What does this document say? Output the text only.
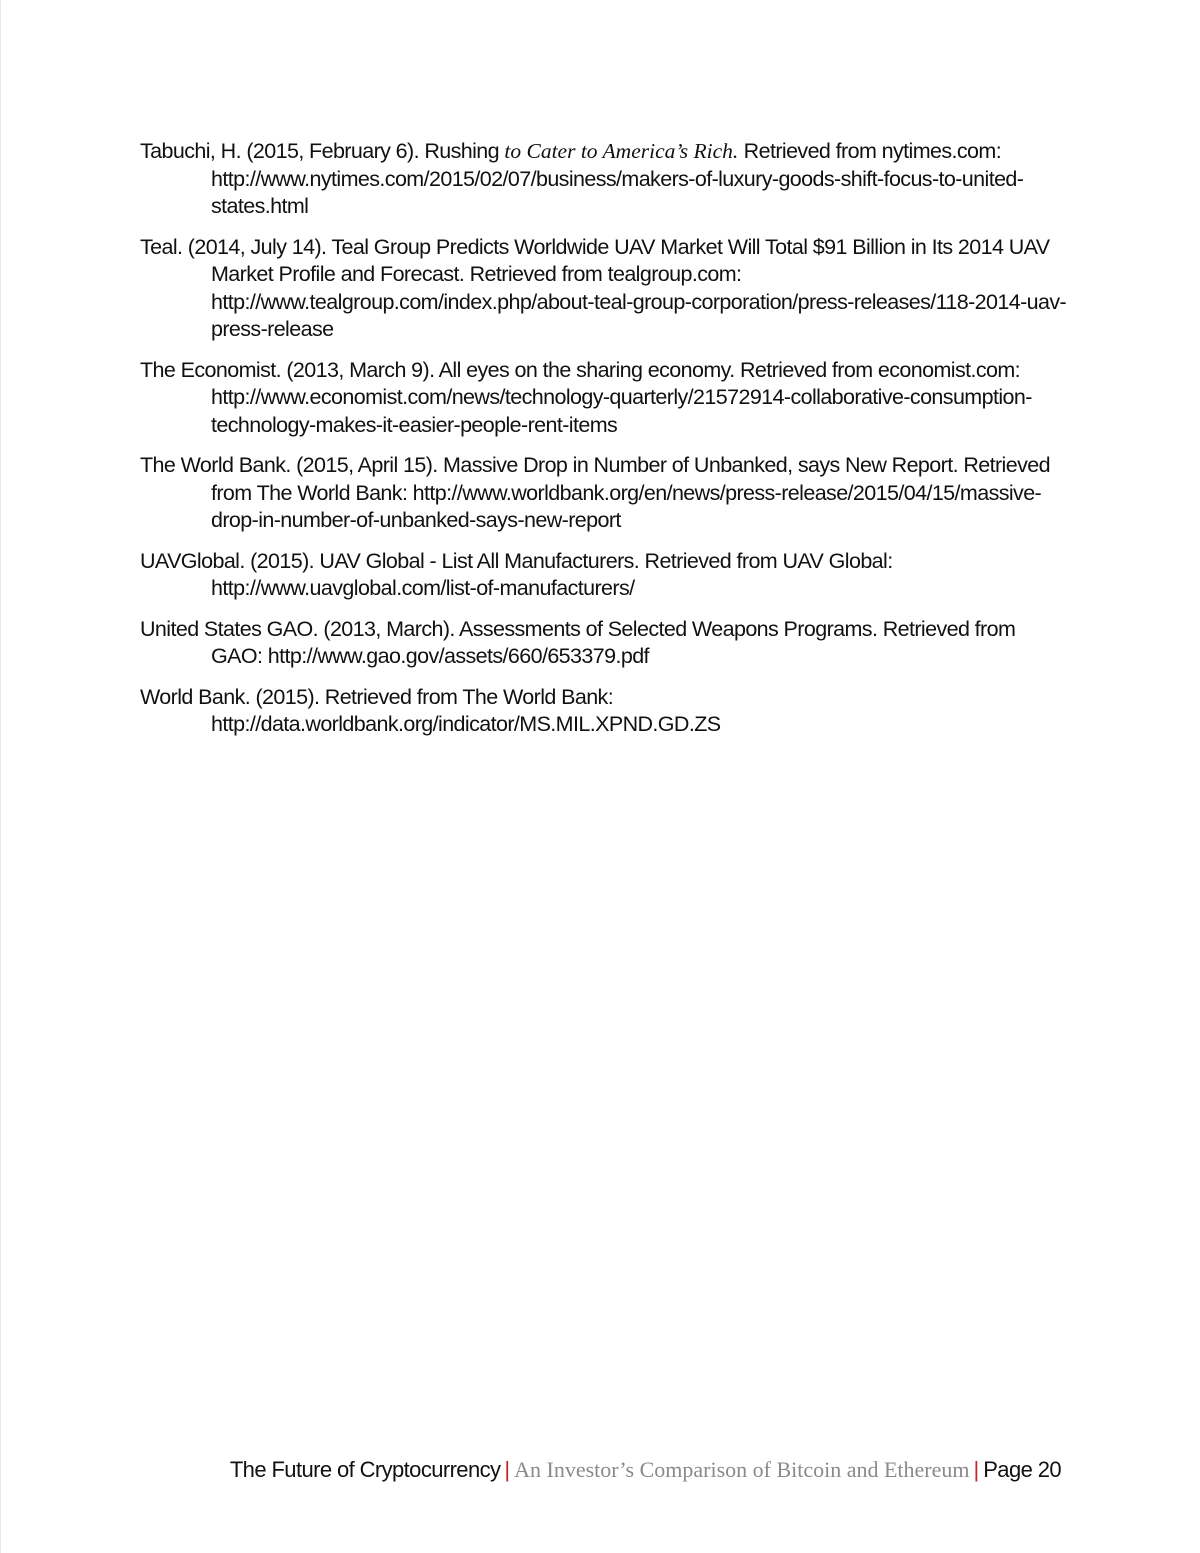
Tabuchi, H. (2015, February 6). Rushing to Cater to America’s Rich. Retrieved from nytimes.com: http://www.nytimes.com/2015/02/07/business/makers-of-luxury-goods-shift-focus-to-united-states.html

Teal. (2014, July 14). Teal Group Predicts Worldwide UAV Market Will Total $91 Billion in Its 2014 UAV Market Profile and Forecast. Retrieved from tealgroup.com: http://www.tealgroup.com/index.php/about-teal-group-corporation/press-releases/118-2014-uav-press-release

The Economist. (2013, March 9). All eyes on the sharing economy. Retrieved from economist.com: http://www.economist.com/news/technology-quarterly/21572914-collaborative-consumption-technology-makes-it-easier-people-rent-items

The World Bank. (2015, April 15). Massive Drop in Number of Unbanked, says New Report. Retrieved from The World Bank: http://www.worldbank.org/en/news/press-release/2015/04/15/massive-drop-in-number-of-unbanked-says-new-report

UAVGlobal. (2015). UAV Global - List All Manufacturers. Retrieved from UAV Global: http://www.uavglobal.com/list-of-manufacturers/

United States GAO. (2013, March). Assessments of Selected Weapons Programs. Retrieved from GAO: http://www.gao.gov/assets/660/653379.pdf

World Bank. (2015). Retrieved from The World Bank: http://data.worldbank.org/indicator/MS.MIL.XPND.GD.ZS

The Future of Cryptocurrency | An Investor’s Comparison of Bitcoin and Ethereum | Page 20
